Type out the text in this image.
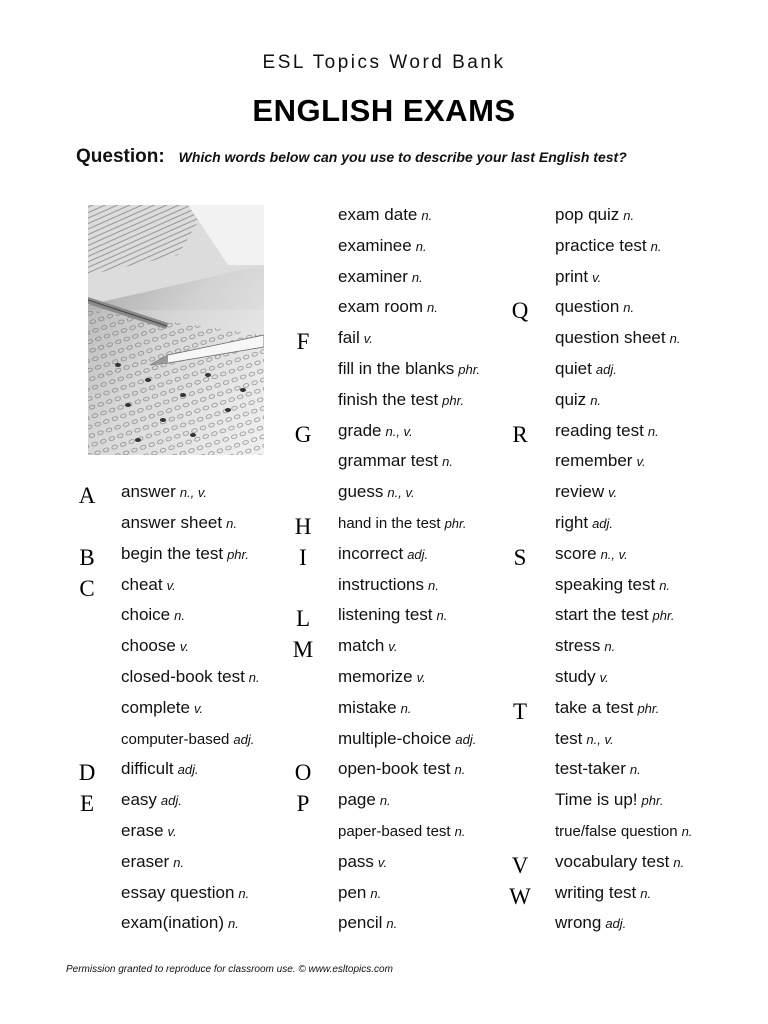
ESL Topics Word Bank
ENGLISH EXAMS
Question: Which words below can you use to describe your last English test?
A
B
C
D
E
answer n., v.
answer sheet n.
begin the test phr.
cheat v.
choice n.
choose v.
closed-book test n.
complete v.
computer-based adj.
difficult adj.
easy adj.
erase v.
eraser n.
essay question n.
exam(ination) n.
F
G
H
I
L
M
O
P
exam date n.
examinee n.
examiner n.
exam room n.
fail v.
fill in the blanks phr.
finish the test phr.
grade n., v.
grammar test n.
guess n., v.
hand in the test phr.
incorrect adj.
instructions n.
listening test n.
match v.
memorize v.
mistake n.
multiple-choice adj.
open-book test n.
page n.
paper-based test n.
pass v.
pen n.
pencil n.
Q
R
S
T
V
W
pop quiz n.
practice test n.
print v.
question n.
question sheet n.
quiet adj.
quiz n.
reading test n.
remember v.
review v.
right adj.
score n., v.
speaking test n.
start the test phr.
stress n.
study v.
take a test phr.
test n., v.
test-taker n.
Time is up! phr.
true/false question n.
vocabulary test n.
writing test n.
wrong adj.
Permission granted to reproduce for classroom use. © www.esltopics.com
